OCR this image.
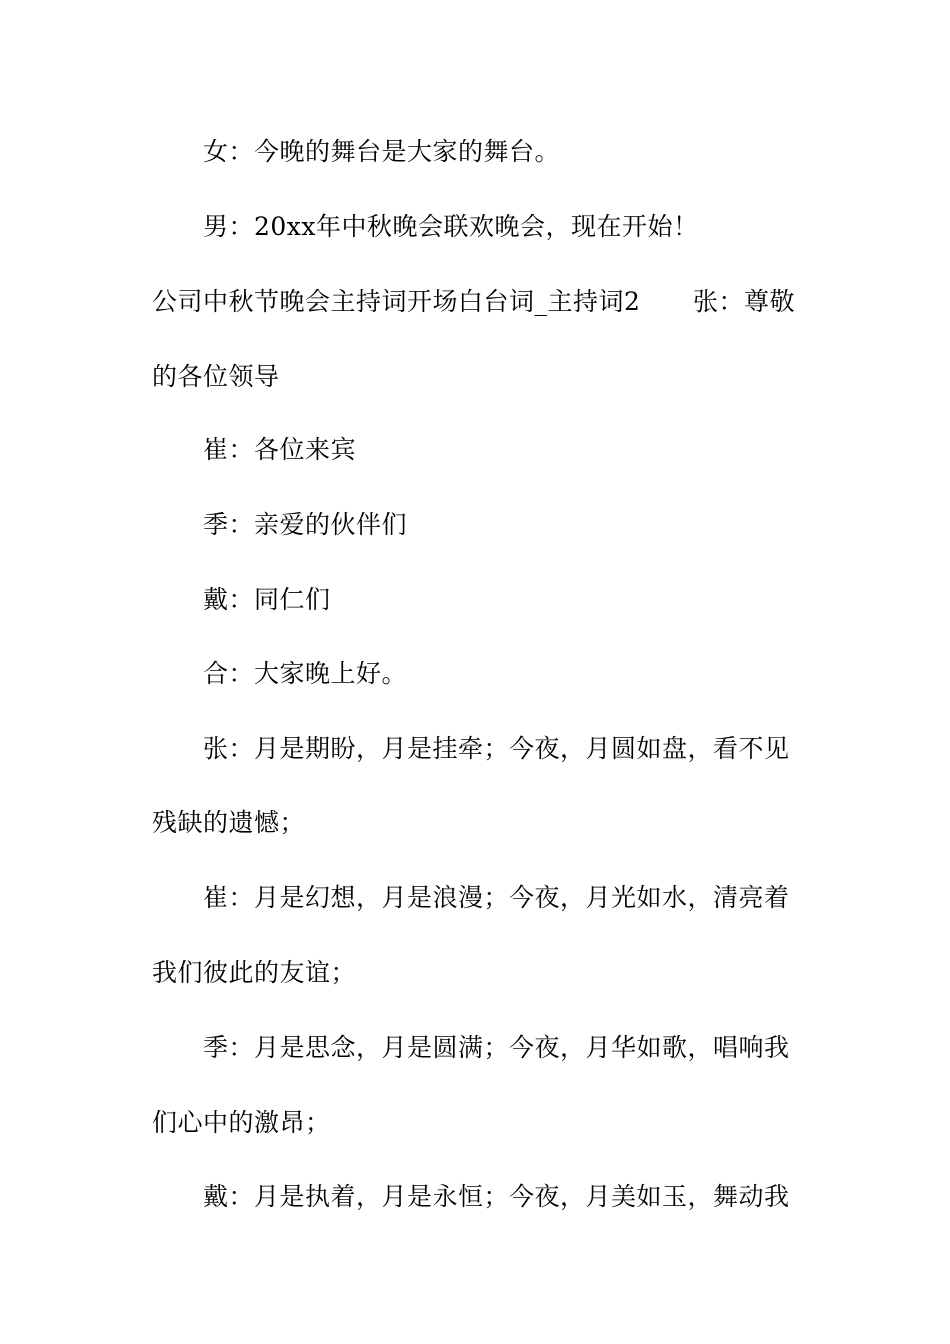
女：今晚的舞台是大家的舞台。
男：20xx年中秋晚会联欢晚会，现在开始！
公司中秋节晚会主持词开场白台词_主持词2 张：尊敬
的各位领导
崔：各位来宾
季：亲爱的伙伴们
戴：同仁们
合：大家晚上好。
张：月是期盼，月是挂牵；今夜，月圆如盘，看不见
残缺的遗憾；
崔：月是幻想，月是浪漫；今夜，月光如水，清亮着
我们彼此的友谊；
季：月是思念，月是圆满；今夜，月华如歌，唱响我
们心中的激昂；
戴：月是执着，月是永恒；今夜，月美如玉，舞动我
